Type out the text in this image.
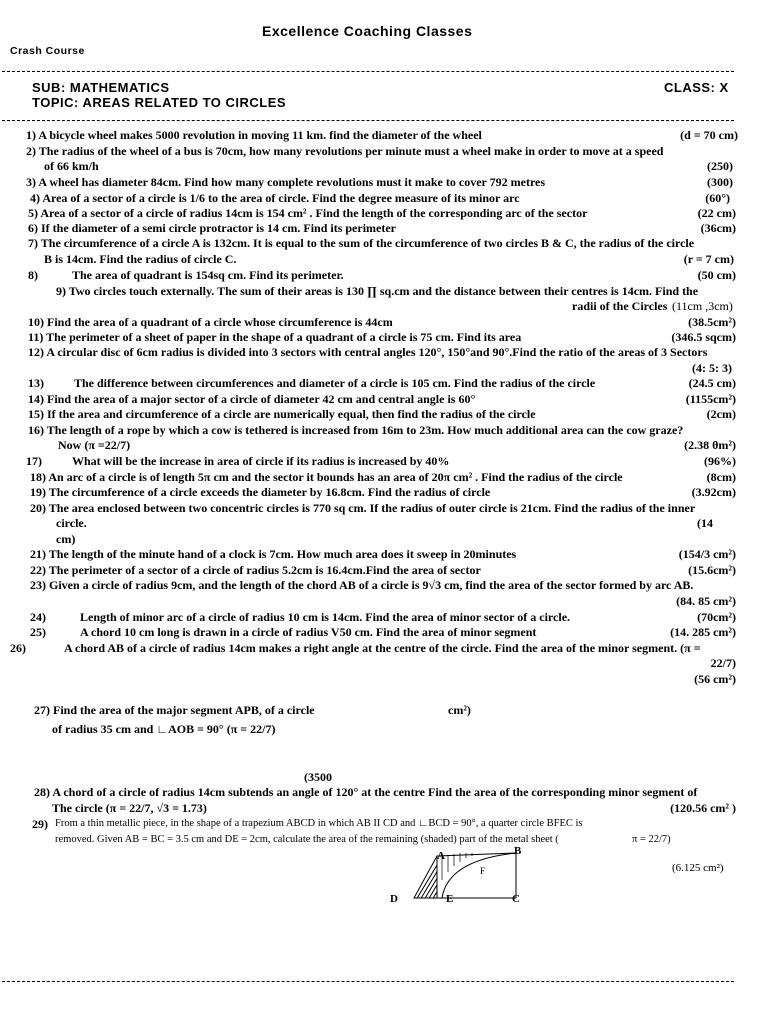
Excellence Coaching Classes
Crash Course
SUB: MATHEMATICS	CLASS: X
TOPIC: AREAS RELATED TO CIRCLES
1) A bicycle wheel makes 5000 revolution in moving 11 km. find the diameter of the wheel	(d = 70 cm)
2) The radius of the wheel of a bus is 70cm, how many revolutions per minute must a wheel make in order to move at a speed
of 66 km/h	(250)
3) A wheel has diameter 84cm. Find how many complete revolutions must it make to cover 792 metres	(300)
4) Area of a sector of a circle is 1/6 to the area of circle. Find the degree measure of its minor arc	(60°)
5) Area of a sector of a circle of radius 14cm is 154 cm² . Find the length of the corresponding arc of the sector	(22 cm)
6) If the diameter of a semi circle protractor is 14 cm. Find its perimeter	(36cm)
7) The circumference of a circle A is 132cm. It is equal to the sum of the circumference of two circles B & C, the radius of the circle
B is 14cm. Find the radius of circle C.	(r = 7 cm)
8)	The area of quadrant is 154sq cm. Find its perimeter.	(50 cm)
9) Two circles touch externally. The sum of their areas is 130 ∏ sq.cm and the distance between their centres is 14cm. Find the
radii of the Circles (11cm ,3cm)
10) Find the area of a quadrant of a circle whose circumference is 44cm	(38.5cm²)
11) The perimeter of a sheet of paper in the shape of a quadrant of a circle is 75 cm. Find its area	(346.5 sqcm)
12) A circular disc of 6cm radius is divided into 3 sectors with central angles 120°, 150°and 90°.Find the ratio of the areas of 3 Sectors
(4: 5: 3)
13)	The difference between circumferences and diameter of a circle is 105 cm. Find the radius of the circle	(24.5 cm)
14) Find the area of a major sector of a circle of diameter 42 cm and central angle is 60°	(1155cm²)
15) If the area and circumference of a circle are numerically equal, then find the radius of the circle	(2cm)
16) The length of a rope by which a cow is tethered is increased from 16m to 23m. How much additional area can the cow graze?
Now (π =22/7)	(2.38 θm²)
17)	What will be the increase in area of circle if its radius is increased by 40%	(96%)
18) An arc of a circle is of length 5π cm and the sector it bounds has an area of 20π cm² . Find the radius of the circle	(8cm)
19) The circumference of a circle exceeds the diameter by 16.8cm. Find the radius of circle	(3.92cm)
20) The area enclosed between two concentric circles is 770 sq cm. If the radius of outer circle is 21cm. Find the radius of the inner
circle.	(14
cm)
21) The length of the minute hand of a clock is 7cm. How much area does it sweep in 20minutes	(154/3 cm²)
22) The perimeter of a sector of a circle of radius 5.2cm is 16.4cm.Find the area of sector	(15.6cm²)
23) Given a circle of radius 9cm, and the length of the chord AB of a circle is 9√3 cm, find the area of the sector formed by arc AB.
(84. 85 cm²)
24)	Length of minor arc of a circle of radius 10 cm is 14cm. Find the area of minor sector of a circle.	(70cm²)
25)	A chord 10 cm long is drawn in a circle of radius V50 cm. Find the area of minor segment	(14. 285 cm²)
26)	A chord AB of a circle of radius 14cm makes a right angle at the centre of the circle. Find the area of the minor segment. (π =
22/7)
(56 cm²)
27) Find the area of the major segment APB, of a circle	cm²)
of radius 35 cm and ∟AOB = 90° (π = 22/7)
(3500
28) A chord of a circle of radius 14cm subtends an angle of 120° at the centre Find the area of the corresponding minor segment of
The circle (π = 22/7, √3 = 1.73)	(120.56 cm² )
29) From a thin metallic piece, in the shape of a trapezium ABCD in which AB II CD and ∟BCD = 90°, a quarter circle BFEC is
removed. Given AB = BC = 3.5 cm and DE = 2cm, calculate the area of the remaining (shaded) part of the metal sheet (	π = 22/7)
(6.125 cm²)
A	B
F
D	E	C
